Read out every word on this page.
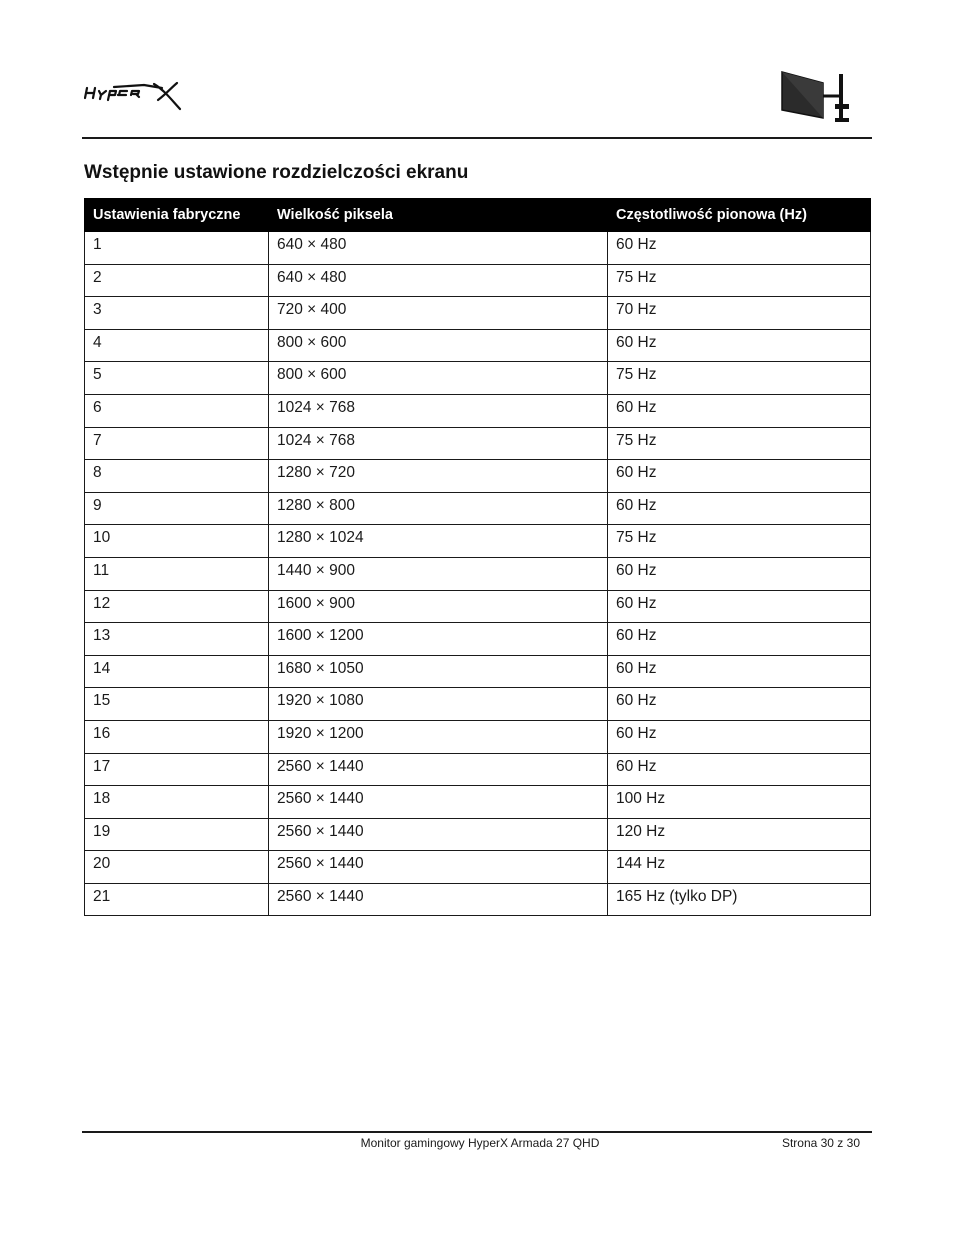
Wstępnie ustawione rozdzielczości ekranu
Ustawienia fabryczne	Wielkość piksela	Częstotliwość pionowa (Hz)
1	640 × 480	60 Hz
2	640 × 480	75 Hz
3	720 × 400	70 Hz
4	800 × 600	60 Hz
5	800 × 600	75 Hz
6	1024 × 768	60 Hz
7	1024 × 768	75 Hz
8	1280 × 720	60 Hz
9	1280 × 800	60 Hz
10	1280 × 1024	75 Hz
11	1440 × 900	60 Hz
12	1600 × 900	60 Hz
13	1600 × 1200	60 Hz
14	1680 × 1050	60 Hz
15	1920 × 1080	60 Hz
16	1920 × 1200	60 Hz
17	2560 × 1440	60 Hz
18	2560 × 1440	100 Hz
19	2560 × 1440	120 Hz
20	2560 × 1440	144 Hz
21	2560 × 1440	165 Hz (tylko DP)
Monitor gamingowy HyperX Armada 27 QHD	Strona 30 z 30
